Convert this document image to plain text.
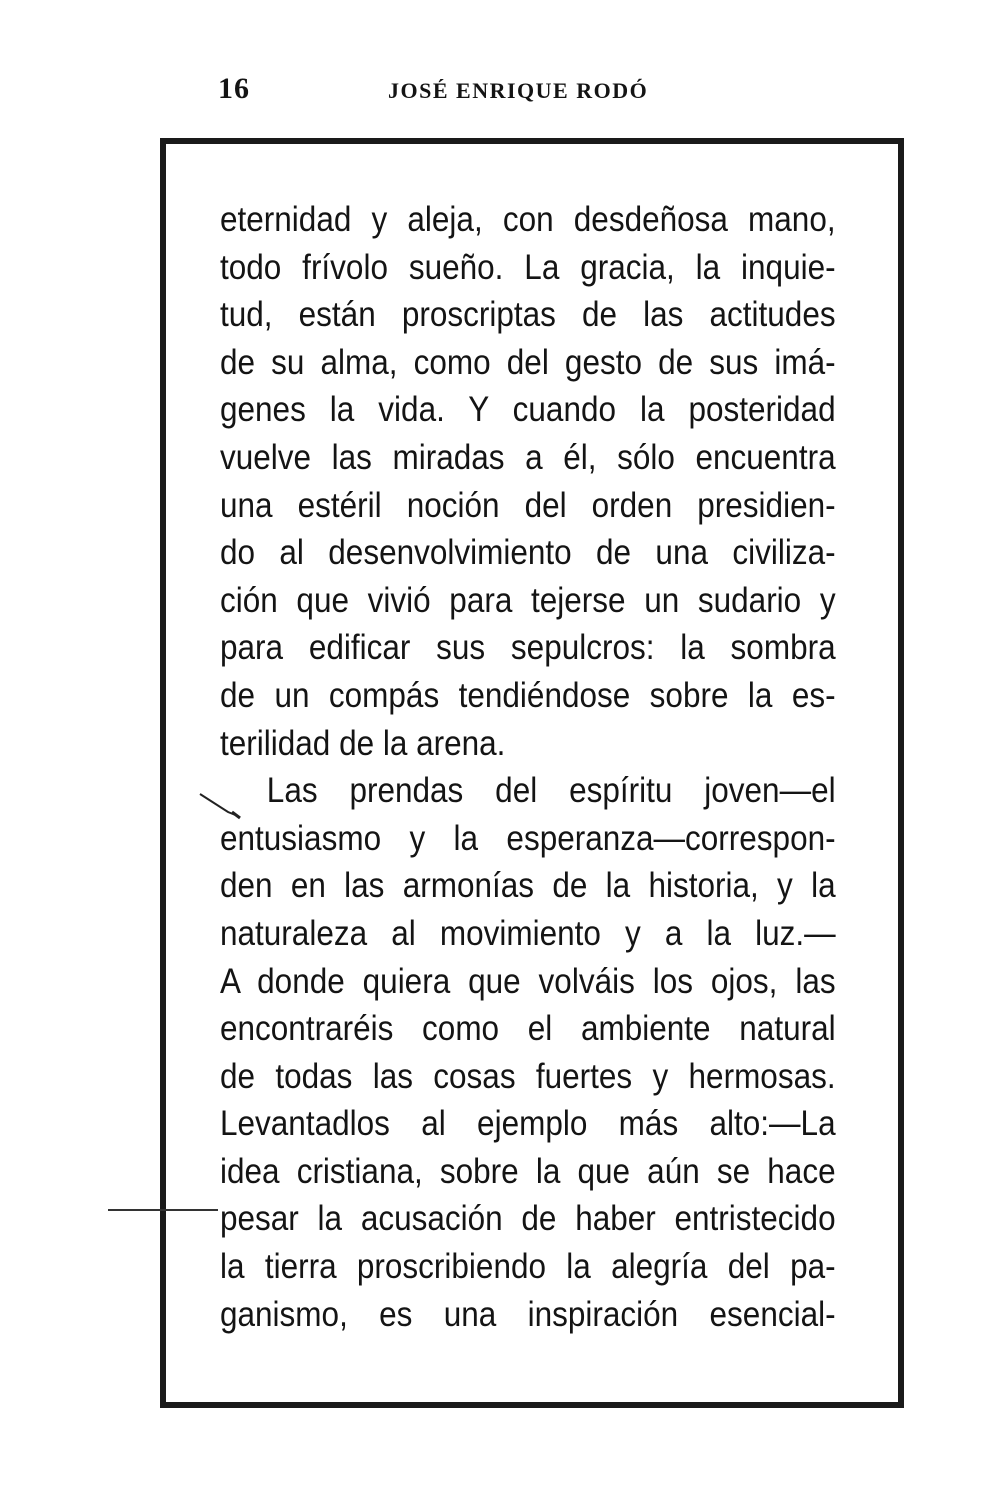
16	JOSÉ ENRIQUE RODÓ
eternidad y aleja, con desdeñosa mano,
todo frívolo sueño. La gracia, la inquie-
tud, están proscriptas de las actitudes
de su alma, como del gesto de sus imá-
genes la vida. Y cuando la posteridad
vuelve las miradas a él, sólo encuentra
una estéril noción del orden presidien-
do al desenvolvimiento de una civiliza-
ción que vivió para tejerse un sudario y
para edificar sus sepulcros: la sombra
de un compás tendiéndose sobre la es-
terilidad de la arena.
Las prendas del espíritu joven—el
entusiasmo y la esperanza—correspon-
den en las armonías de la historia, y la
naturaleza al movimiento y a la luz.—
A donde quiera que volváis los ojos, las
encontraréis como el ambiente natural
de todas las cosas fuertes y hermosas.
Levantadlos al ejemplo más alto:—La
idea cristiana, sobre la que aún se hace
pesar la acusación de haber entristecido
la tierra proscribiendo la alegría del pa-
ganismo, es una inspiración esencial-
